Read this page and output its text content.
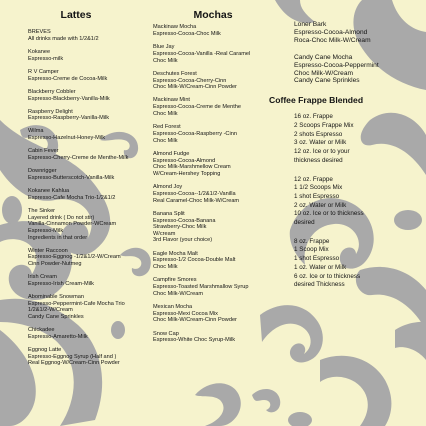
Lattes
BREVES
All drinks made with 1/2&1/2
Kokanee
Espresso-milk
R V Camper
Espresso-Creme de Cocoa-Milk
Blackberry Cobbler
Espresso-Blackberry-Vanilla-Milk
Raspberry Delight
Espresso-Raspberry-Vanilla-Milk
Wilma
Espresso-Hazelnut-Honey-Milk
Cabin Fever
Espresso-Cherry-Creme de Menthe-Milk
Downrigger
Espresso-Butterscotch-Vanilla-Milk
Kokanee Kahlua
Espresso-Cafe Mocha Trio-1/2&1/2
The Sinker
Layered drink ( Do not stir)
Vanilla-Cinnamon Powder-WCream
Espresso-Milk
Ingredients in that order
Winter Raccoon
Espresso-Eggnog -1/2&1/2-W/Cream
Cinn Powder-Nutmeg
Irish Cream
Espresso-Irish Cream-Milk
Abominable Snowman
Espresso-Peppermint-Cafe Mocha Trio
1/2&1/2-W/Cream
Candy Cane Sprinkles
Chickadee
Espresso-Amaretto-Milk
Eggnog Latte
Espresso-Eggnog Syrup (Half and )
Real Eggnog-W/Cream-Cinn Powder
Mochas
Mackinaw Mocha
Espresso-Cocoa-Choc Milk
Blue Jay
Espresso-Cocoa-Vanilla -Real Caramel
Choc Milk
Deschutes Forest
Espresso-Cocoa-Cherry-Cinn
Choc Milk-W/Cream-Cinn Powder
Mackinaw Mint
Espresso-Cocoa-Creme de Menthe
Choc Milk
Red Forest
Espresso-Cocoa-Raspberry -Cinn
Choc Milk
Almond Fudge
Espresso-Cocoa-Almond
Choc Milk-Marshmellow Cream
W/Cream-Hershey Topping
Almond Joy
Espresso-Cocoa--1/2&1/2-Vanilla
Real Caramel-Choc Milk-W/Cream
Banana Split
Espresso-Cocoa-Banana
Strawberry-Choc Milk
W/cream
3rd Flavor (your choice)
Eagle Mocha Malt
Espresso-1/2 Cocoa-Double Malt
Choc Milk
Campfire Smores
Espresso-Toasted Marshmallow Syrup
Choc Milk-W/Cream
Mexican Mocha
Espresso-Mexi Cocoa Mix
Choc Milk-W/Cream-Cinn Powder
Snow Cap
Espresso-White Choc Syrup-Milk
Loner Bark
Espresso-Cocoa-Almond
Roca-Choc Milk-W/Cream
Candy Cane Mocha
Espresso-Cocoa-Peppermint
Choc Milk-W/Cream
Candy Cane Sprinkles
Coffee Frappe Blended
16 oz. Frappe
2 Scoops Frappe Mix
2 shots Espresso
3 oz. Water or Milk
12 oz. Ice or to your
thickness desired
12 oz. Frappe
1 1/2 Scoops Mix
1 shot Espresso
2 oz. Water or Milk
10 oz. Ice or to thickness
desired
8 oz. Frappe
1 Scoop Mix
1 shot Espresso
1 oz. Water or Milk
6 oz. Ice or to thickness
desired Thickness
